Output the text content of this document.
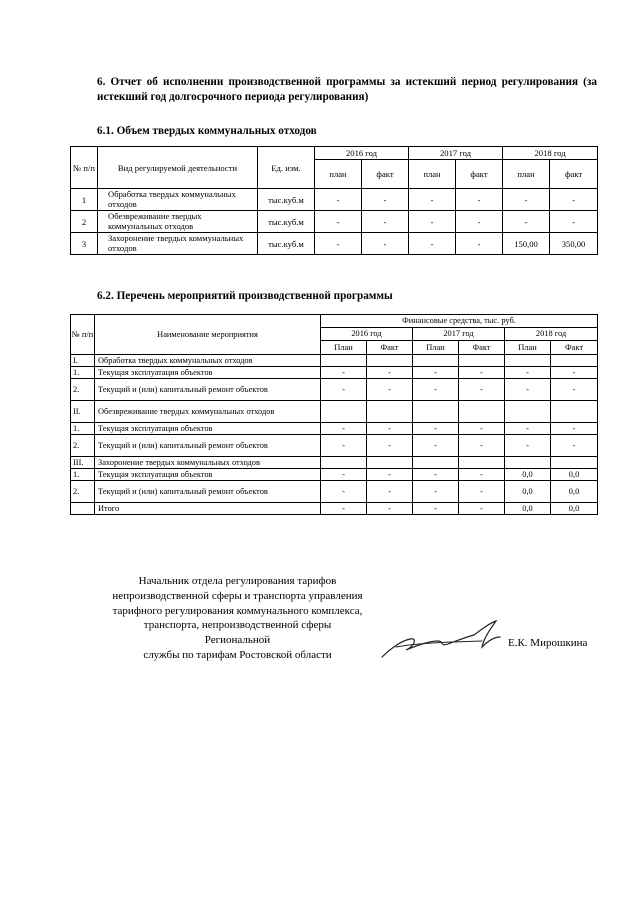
6. Отчет об исполнении производственной программы за истекший период регулирования (за истекший год долгосрочного периода регулирования)
6.1. Объем твердых коммунальных отходов
№ п/п	Вид регулируемой деятельности	Ед. изм.	2016 год		2017 год		2018 год	
			план	факт	план	факт	план	факт
1	Обработка твердых коммунальных отходов	тыс.куб.м	-	-	-	-	-	-
2	Обезвреживание твердых коммунальных отходов	тыс.куб.м	-	-	-	-	-	-
3	Захоронение твердых коммунальных отходов	тыс.куб.м	-	-	-	-	150,00	350,00
6.2. Перечень мероприятий производственной программы
№ п/п	Наименование мероприятия	Финансовые средства, тыс. руб.					
		2016 год		2017 год		2018 год	
		План	Факт	План	Факт	План	Факт
I.	Обработка твердых коммунальных отходов						
1.	Текущая эксплуатация объектов	-	-	-	-	-	-
2.	Текущий и (или) капитальный ремонт объектов	-	-	-	-	-	-
II.	Обезвреживание твердых коммунальных отходов						
1.	Текущая эксплуатация объектов	-	-	-	-	-	-
2.	Текущий и (или) капитальный ремонт объектов	-	-	-	-	-	-
III.	Захоронение твердых коммунальных отходов						
1.	Текущая эксплуатация объектов	-	-	-	-	0,0	0,0
2.	Текущий и (или) капитальный ремонт объектов	-	-	-	-	0,0	0,0
	Итого	-	-	-	-	0,0	0,0
Начальник отдела регулирования тарифов
непроизводственной сферы и транспорта управления
тарифного регулирования коммунального комплекса,
транспорта, непроизводственной сферы Региональной
службы по тарифам Ростовской области
Е.К. Мирошкина
